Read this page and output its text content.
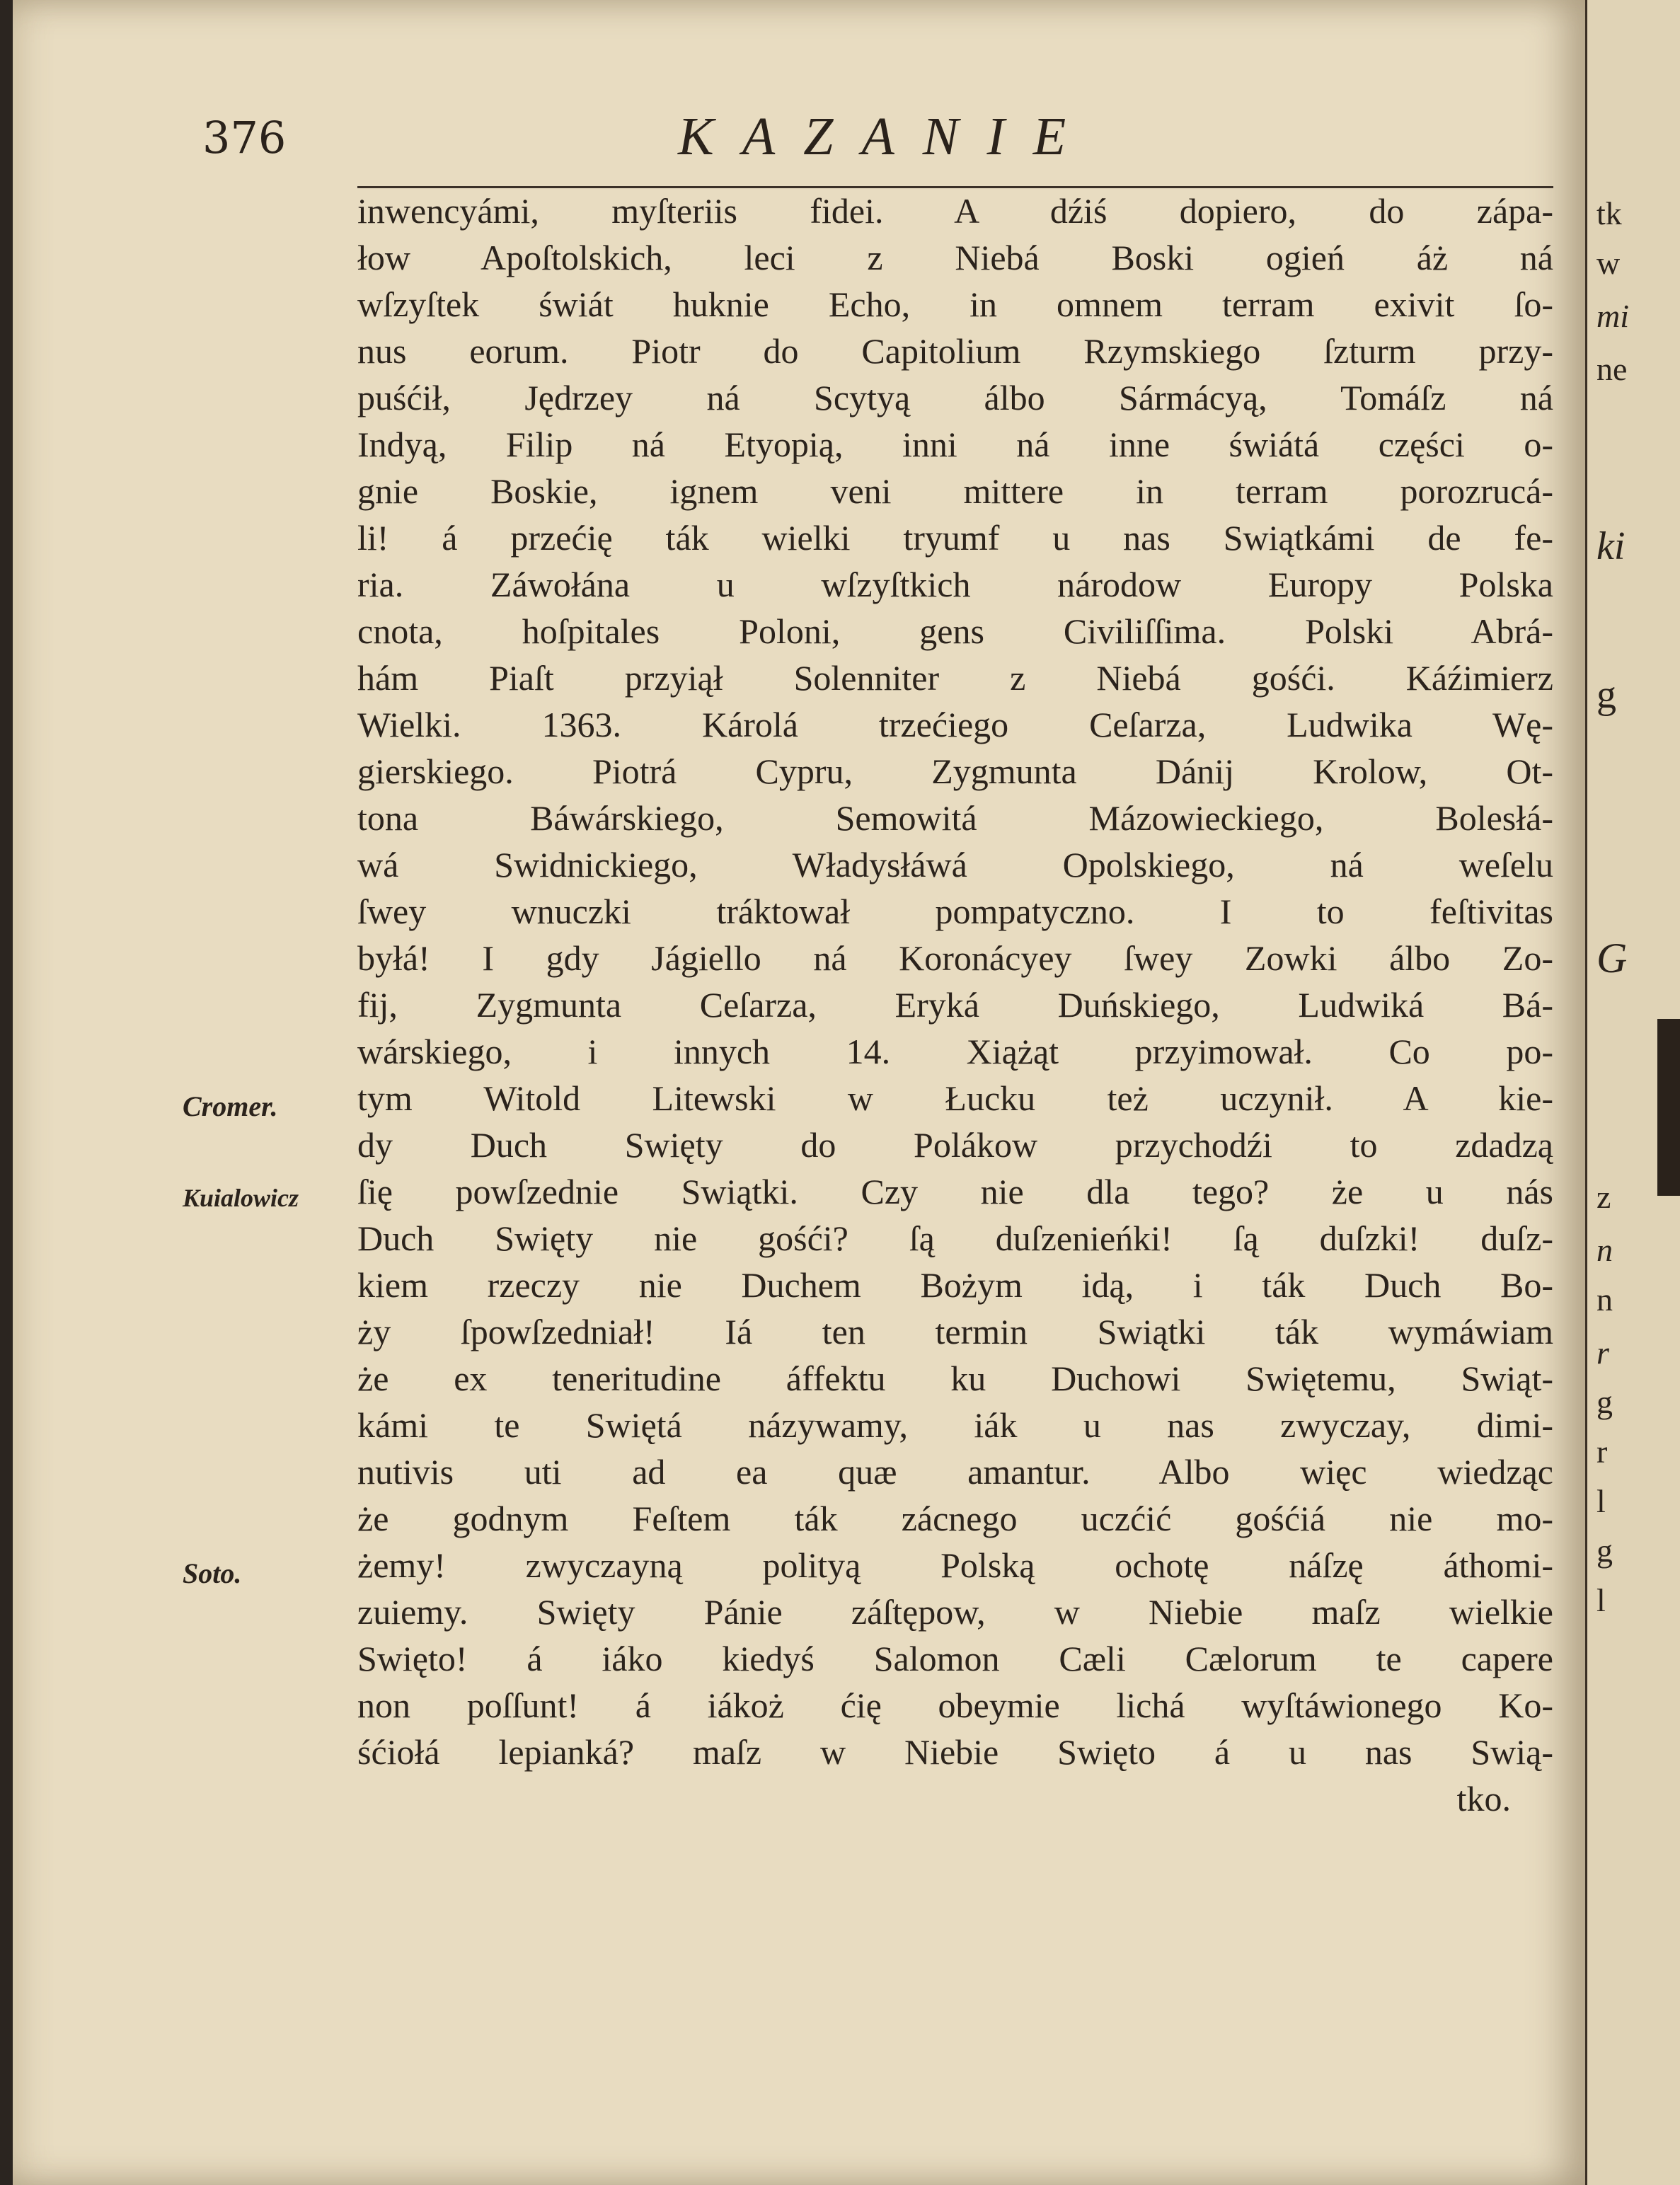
376	KAZANIE
inwencyámi, myſteriis fidei. A dźiś dopiero, do zápa-
łow Apoſtolskich, leci z Niebá Boski ogień áż ná
wſzyſtek świát huknie Echo, in omnem terram exivit ſo-
nus eorum. Piotr do Capitolium Rzymskiego ſzturm przy-
puśćił, Jędrzey ná Scytyą álbo Sármácyą, Tomáſz ná
Indyą, Filip ná Etyopią, inni ná inne świátá części o-
gnie Boskie, ignem veni mittere in terram porozrucá-
li! á przećię ták wielki tryumf u nas Swiątkámi de fe-
ria. Záwołána u wſzyſtkich národow Europy Polska
cnota, hoſpitales Poloni, gens Civiliſſima. Polski Abrá-
hám Piaſt przyiął Solenniter z Niebá gośći. Káźimierz
Wielki. 1363. Károlá trzećiego Ceſarza, Ludwika Wę-
gierskiego. Piotrá Cypru, Zygmunta Dánij Krolow, Ot-
tona Báwárskiego, Semowitá Mázowieckiego, Bolesłá-
wá Swidnickiego, Władysłáwá Opolskiego, ná weſelu
ſwey wnuczki tráktował pompatyczno. I to feſtivitas
byłá! I gdy Jágiello ná Koronácyey ſwey Zowki álbo Zo-
fij, Zygmunta Ceſarza, Eryká Duńskiego, Ludwiká Bá-
wárskiego, i innych 14. Xiążąt przyimował. Co po-
tym Witold Litewski w Łucku też uczynił. A kie-
dy Duch Swięty do Polákow przychodźi to zdadzą
ſię powſzednie Swiątki. Czy nie dla tego? że u nás
Duch Swięty nie gośći? ſą duſzenieńki! ſą duſzki! duſz-
kiem rzeczy nie Duchem Bożym idą, i ták Duch Bo-
ży ſpowſzedniał! Iá ten termin Swiątki ták wymáwiam
że ex teneritudine áffektu ku Duchowi Swiętemu, Swiąt-
kámi te Swiętá názywamy, iák u nas zwyczay, dimi-
nutivis uti ad ea quæ amantur. Albo więc wiedząc
że godnym Feſtem ták zácnego uczćić gośćiá nie mo-
żemy! zwyczayną polityą Polską ochotę náſzę áthomi-
zuiemy. Swięty Pánie záſtępow, w Niebie maſz wielkie
Swięto! á iáko kiedyś Salomon Cæli Cælorum te capere
non poſſunt! á iákoż ćię obeymie lichá wyſtáwionego Ko-
śćiołá lepianká? maſz w Niebie Swięto á u nas Swią-
tko.
Cromer.
Kuialowicz
Soto.
tk
w
mi
ne
ki
g
G
z
n
n
r
g
r
l
g
l
